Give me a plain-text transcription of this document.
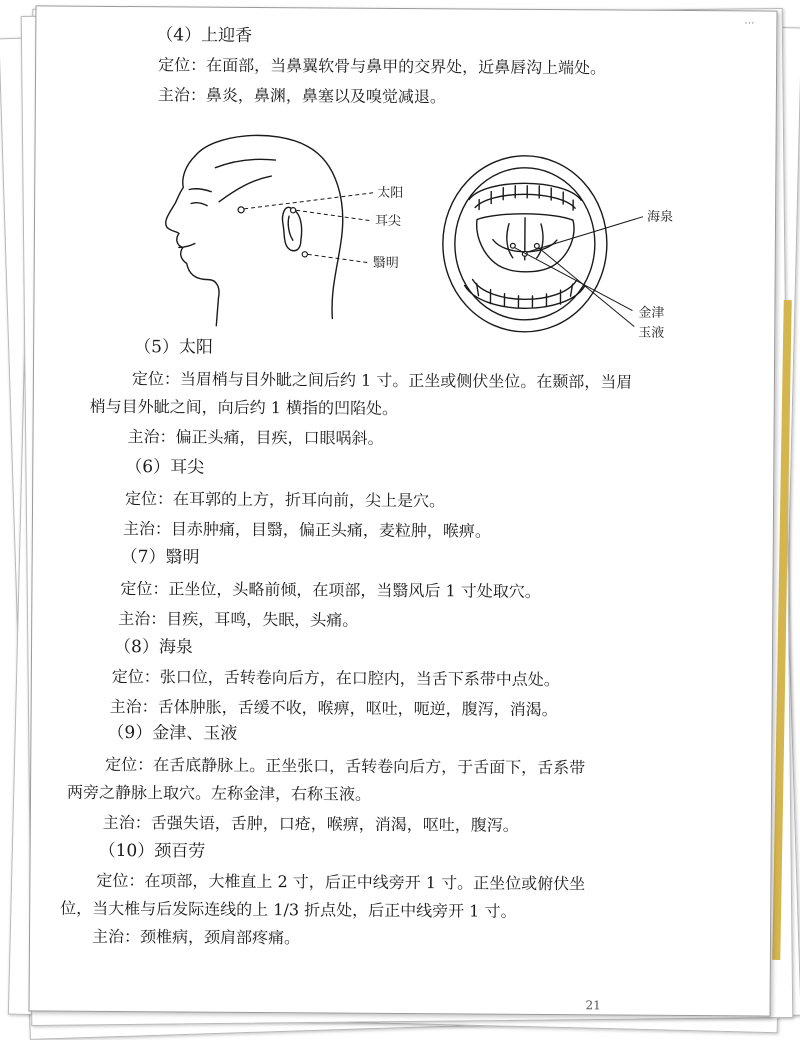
…
（4）上迎香
定位：在面部，当鼻翼软骨与鼻甲的交界处，近鼻唇沟上端处。
主治：鼻炎，鼻渊，鼻塞以及嗅觉减退。
太阳
耳尖
翳明
海泉
金津
玉液
（5）太阳
定位：当眉梢与目外眦之间后约 1 寸。正坐或侧伏坐位。在颞部，当眉
梢与目外眦之间，向后约 1 横指的凹陷处。
主治：偏正头痛，目疾，口眼㖞斜。
（6）耳尖
定位：在耳郭的上方，折耳向前，尖上是穴。
主治：目赤肿痛，目翳，偏正头痛，麦粒肿，喉痹。
（7）翳明
定位：正坐位，头略前倾，在项部，当翳风后 1 寸处取穴。
主治：目疾，耳鸣，失眠，头痛。
（8）海泉
定位：张口位，舌转卷向后方，在口腔内，当舌下系带中点处。
主治：舌体肿胀，舌缓不收，喉痹，呕吐，呃逆，腹泻，消渴。
（9）金津、玉液
定位：在舌底静脉上。正坐张口，舌转卷向后方，于舌面下，舌系带
两旁之静脉上取穴。左称金津，右称玉液。
主治：舌强失语，舌肿，口疮，喉痹，消渴，呕吐，腹泻。
（10）颈百劳
定位：在项部，大椎直上 2 寸，后正中线旁开 1 寸。正坐位或俯伏坐
位，当大椎与后发际连线的上 1/3 折点处，后正中线旁开 1 寸。
主治：颈椎病，颈肩部疼痛。
21
